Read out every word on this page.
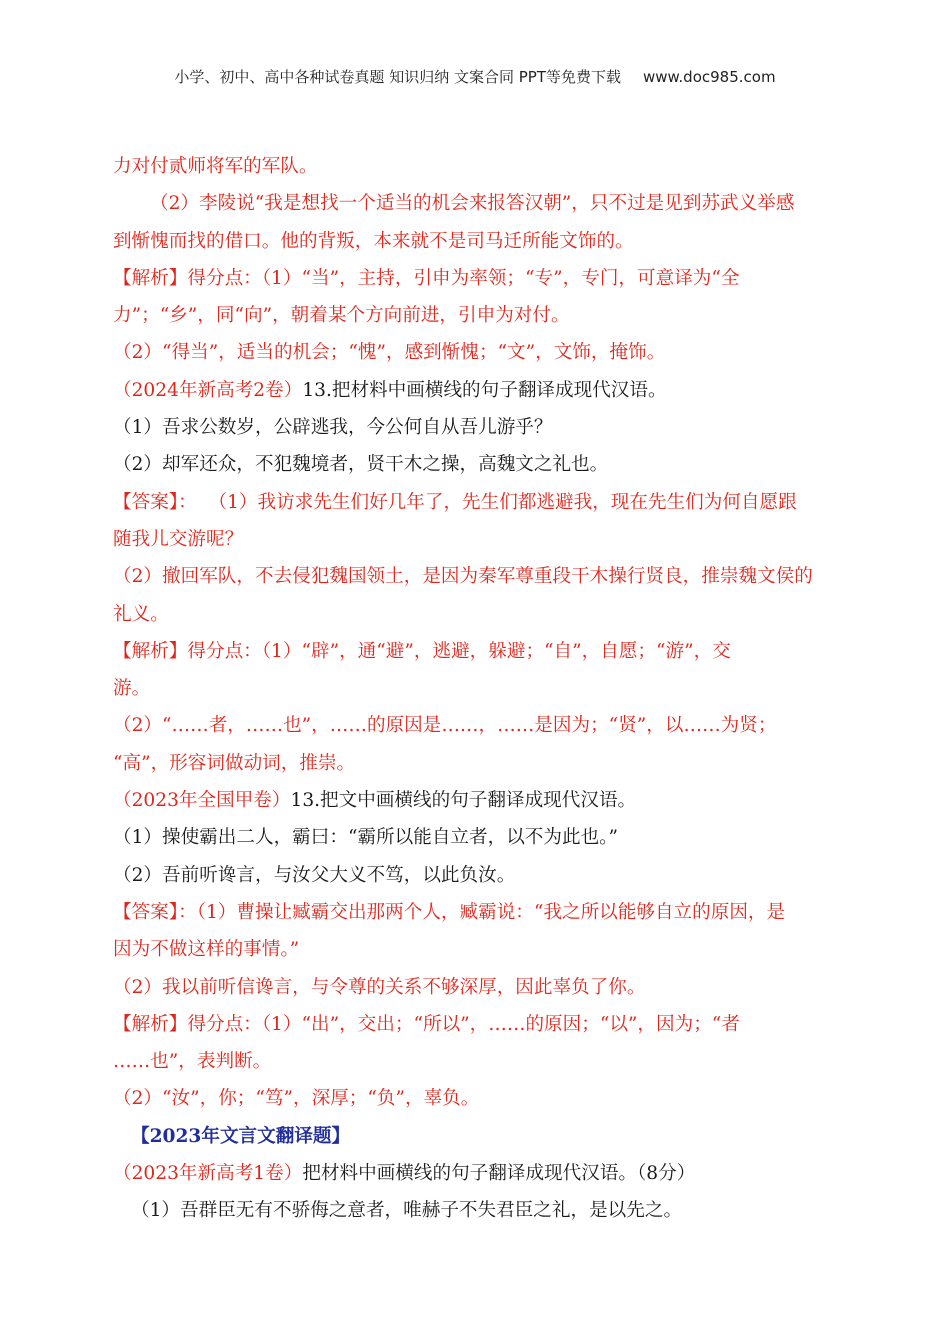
小学、初中、高中各种试卷真题 知识归纳 文案合同 PPT等免费下载 www.doc985.com

力对付贰师将军的军队。

（2）李陵说“我是想找一个适当的机会来报答汉朝”，只不过是见到苏武义举感

到惭愧而找的借口。他的背叛，本来就不是司马迁所能文饰的。

【解析】得分点：（1）“当”，主持，引申为率领；“专”，专门，可意译为“全

力”；“乡”，同“向”，朝着某个方向前进，引申为对付。

（2）“得当”，适当的机会；“愧”，感到惭愧；“文”，文饰，掩饰。

（2024年新高考2卷）13.把材料中画横线的句子翻译成现代汉语。

（1）吾求公数岁，公辟逃我，今公何自从吾儿游乎？

（2）却军还众，不犯魏境者，贤干木之操，高魏文之礼也。

【答案】： （1）我访求先生们好几年了，先生们都逃避我，现在先生们为何自愿跟

随我儿交游呢？

（2）撤回军队，不去侵犯魏国领土，是因为秦军尊重段干木操行贤良，推崇魏文侯的

礼义。

【解析】得分点：（1）“辟”，通“避”，逃避，躲避；“自”，自愿；“游”，交

游。

（2）“……者，……也”，……的原因是……，……是因为；“贤”，以……为贤；

“高”，形容词做动词，推崇。

（2023年全国甲卷）13.把文中画横线的句子翻译成现代汉语。

（1）操使霸出二人，霸曰：“霸所以能自立者，以不为此也。”

（2）吾前听谗言，与汝父大义不笃，以此负汝。

【答案】：（1）曹操让臧霸交出那两个人，臧霸说：“我之所以能够自立的原因，是

因为不做这样的事情。”

（2）我以前听信谗言，与令尊的关系不够深厚，因此辜负了你。

【解析】得分点：（1）“出”，交出；“所以”，……的原因；“以”，因为；“者

……也”，表判断。

（2）“汝”，你；“笃”，深厚；“负”，辜负。

【2023年文言文翻译题】

（2023年新高考1卷）把材料中画横线的句子翻译成现代汉语。（8分）

（1）吾群臣无有不骄侮之意者，唯赫子不失君臣之礼，是以先之。
